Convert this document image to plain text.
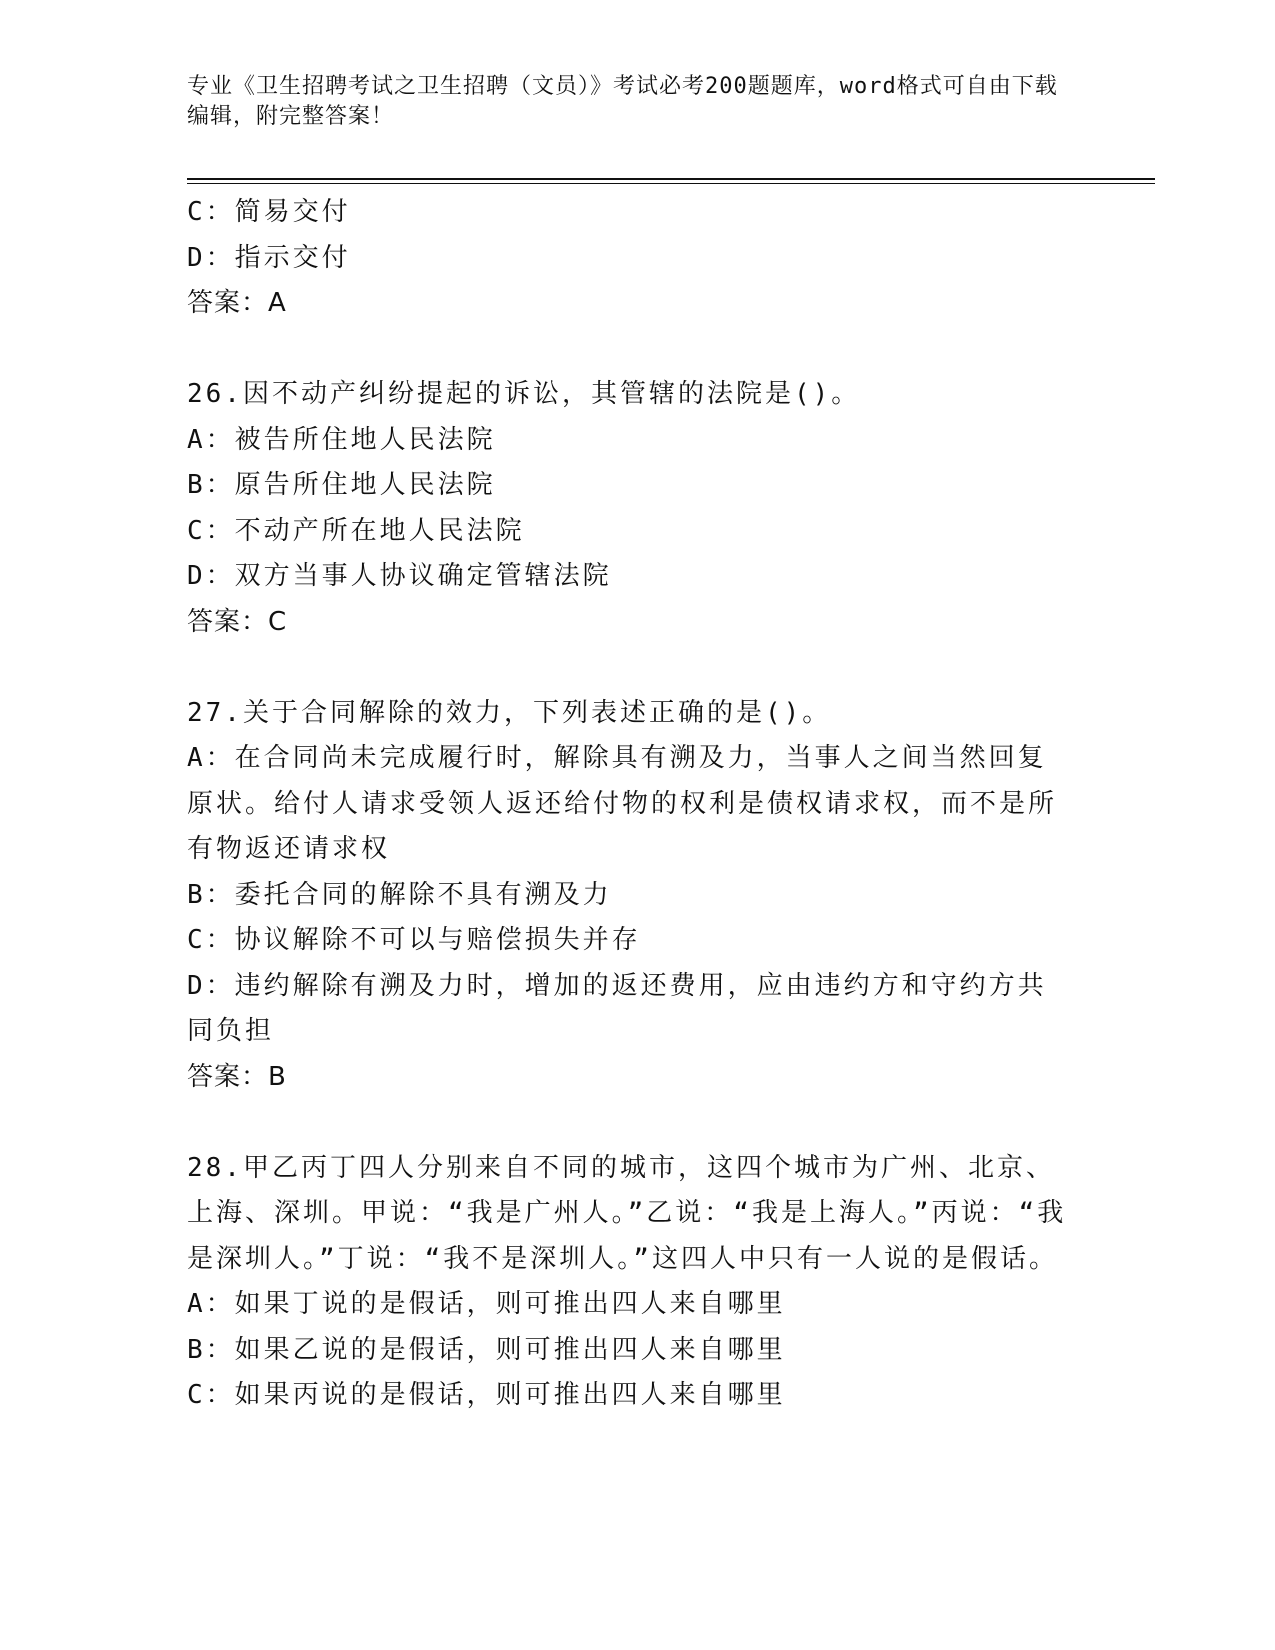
专业《卫生招聘考试之卫生招聘（文员）》考试必考200题题库，word格式可自由下载编辑，附完整答案！
C：简易交付
D：指示交付
答案：A
26.因不动产纠纷提起的诉讼，其管辖的法院是()。
A：被告所住地人民法院
B：原告所住地人民法院
C：不动产所在地人民法院
D：双方当事人协议确定管辖法院
答案：C
27.关于合同解除的效力，下列表述正确的是()。
A：在合同尚未完成履行时，解除具有溯及力，当事人之间当然回复原状。给付人请求受领人返还给付物的权利是债权请求权，而不是所有物返还请求权
B：委托合同的解除不具有溯及力
C：协议解除不可以与赔偿损失并存
D：违约解除有溯及力时，增加的返还费用，应由违约方和守约方共同负担
答案：B
28.甲乙丙丁四人分别来自不同的城市，这四个城市为广州、北京、上海、深圳。甲说：“我是广州人。”乙说：“我是上海人。”丙说：“我是深圳人。”丁说：“我不是深圳人。”这四人中只有一人说的是假话。
A：如果丁说的是假话，则可推出四人来自哪里
B：如果乙说的是假话，则可推出四人来自哪里
C：如果丙说的是假话，则可推出四人来自哪里
